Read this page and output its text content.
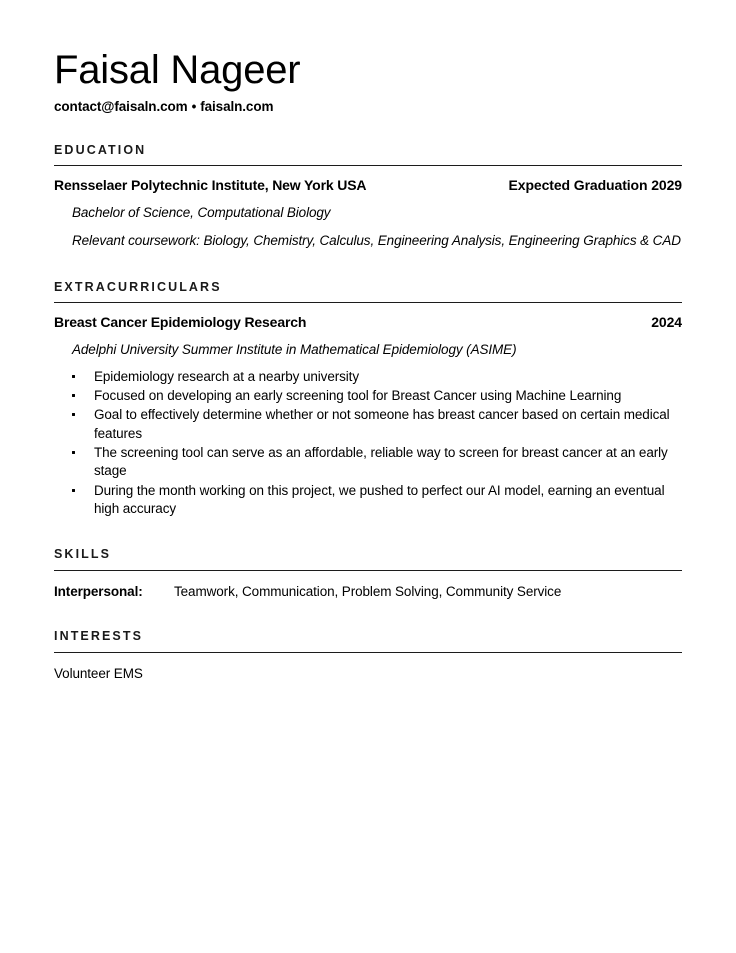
Faisal Nageer
contact@faisaln.com • faisaln.com
EDUCATION
Rensselaer Polytechnic Institute, New York USA	Expected Graduation 2029
Bachelor of Science, Computational Biology
Relevant coursework: Biology, Chemistry, Calculus, Engineering Analysis, Engineering Graphics & CAD
EXTRACURRICULARS
Breast Cancer Epidemiology Research	2024
Adelphi University Summer Institute in Mathematical Epidemiology (ASIME)
Epidemiology research at a nearby university
Focused on developing an early screening tool for Breast Cancer using Machine Learning
Goal to effectively determine whether or not someone has breast cancer based on certain medical features
The screening tool can serve as an affordable, reliable way to screen for breast cancer at an early stage
During the month working on this project, we pushed to perfect our AI model, earning an eventual high accuracy
SKILLS
Interpersonal:	Teamwork, Communication, Problem Solving, Community Service
INTERESTS
Volunteer EMS
